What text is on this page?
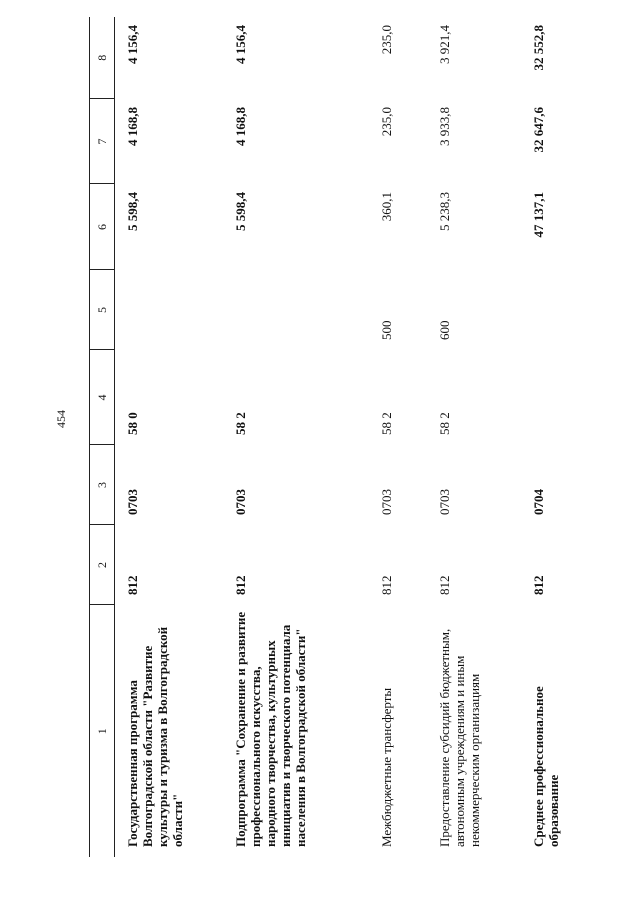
454
1	2	3	4	5	6	7	8
Государственная программа Волгоградской области "Развитие культуры и туризма в Волгоградской области"	812	0703	58 0		5 598,4	4 168,8	4 156,4
Подпрограмма "Сохранение и развитие профессионального искусства, народного творчества, культурных инициатив и творческого потенциала населения в Волгоградской области"	812	0703	58 2		5 598,4	4 168,8	4 156,4
Межбюджетные трансферты	812	0703	58 2	500	360,1	235,0	235,0
Предоставление субсидий бюджетным, автономным учреждениям и иным некоммерческим организациям	812	0703	58 2	600	5 238,3	3 933,8	3 921,4
Среднее профессиональное образование	812	0704			47 137,1	32 647,6	32 552,8
